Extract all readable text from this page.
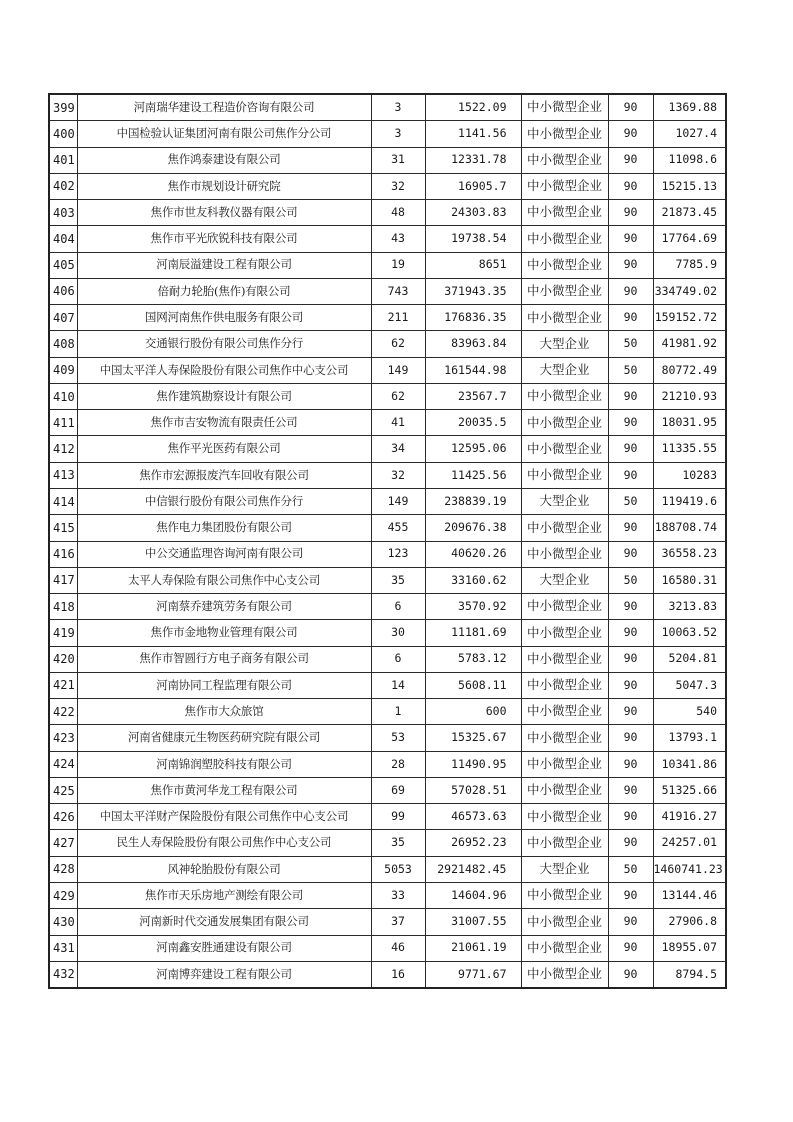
399	河南瑞华建设工程造价咨询有限公司	3	1522.09	中小微型企业	90	1369.88
400	中国检验认证集团河南有限公司焦作分公司	3	1141.56	中小微型企业	90	1027.4
401	焦作鸿泰建设有限公司	31	12331.78	中小微型企业	90	11098.6
402	焦作市规划设计研究院	32	16905.7	中小微型企业	90	15215.13
403	焦作市世友科教仪器有限公司	48	24303.83	中小微型企业	90	21873.45
404	焦作市平光欣锐科技有限公司	43	19738.54	中小微型企业	90	17764.69
405	河南辰溢建设工程有限公司	19	8651	中小微型企业	90	7785.9
406	倍耐力轮胎(焦作)有限公司	743	371943.35	中小微型企业	90	334749.02
407	国网河南焦作供电服务有限公司	211	176836.35	中小微型企业	90	159152.72
408	交通银行股份有限公司焦作分行	62	83963.84	大型企业	50	41981.92
409	中国太平洋人寿保险股份有限公司焦作中心支公司	149	161544.98	大型企业	50	80772.49
410	焦作建筑勘察设计有限公司	62	23567.7	中小微型企业	90	21210.93
411	焦作市吉安物流有限责任公司	41	20035.5	中小微型企业	90	18031.95
412	焦作平光医药有限公司	34	12595.06	中小微型企业	90	11335.55
413	焦作市宏源报废汽车回收有限公司	32	11425.56	中小微型企业	90	10283
414	中信银行股份有限公司焦作分行	149	238839.19	大型企业	50	119419.6
415	焦作电力集团股份有限公司	455	209676.38	中小微型企业	90	188708.74
416	中公交通监理咨询河南有限公司	123	40620.26	中小微型企业	90	36558.23
417	太平人寿保险有限公司焦作中心支公司	35	33160.62	大型企业	50	16580.31
418	河南蔡乔建筑劳务有限公司	6	3570.92	中小微型企业	90	3213.83
419	焦作市金地物业管理有限公司	30	11181.69	中小微型企业	90	10063.52
420	焦作市智圆行方电子商务有限公司	6	5783.12	中小微型企业	90	5204.81
421	河南协同工程监理有限公司	14	5608.11	中小微型企业	90	5047.3
422	焦作市大众旅馆	1	600	中小微型企业	90	540
423	河南省健康元生物医药研究院有限公司	53	15325.67	中小微型企业	90	13793.1
424	河南锦润塑胶科技有限公司	28	11490.95	中小微型企业	90	10341.86
425	焦作市黄河华龙工程有限公司	69	57028.51	中小微型企业	90	51325.66
426	中国太平洋财产保险股份有限公司焦作中心支公司	99	46573.63	中小微型企业	90	41916.27
427	民生人寿保险股份有限公司焦作中心支公司	35	26952.23	中小微型企业	90	24257.01
428	风神轮胎股份有限公司	5053	2921482.45	大型企业	50	1460741.23
429	焦作市天乐房地产测绘有限公司	33	14604.96	中小微型企业	90	13144.46
430	河南新时代交通发展集团有限公司	37	31007.55	中小微型企业	90	27906.8
431	河南鑫安胜通建设有限公司	46	21061.19	中小微型企业	90	18955.07
432	河南博弈建设工程有限公司	16	9771.67	中小微型企业	90	8794.5
